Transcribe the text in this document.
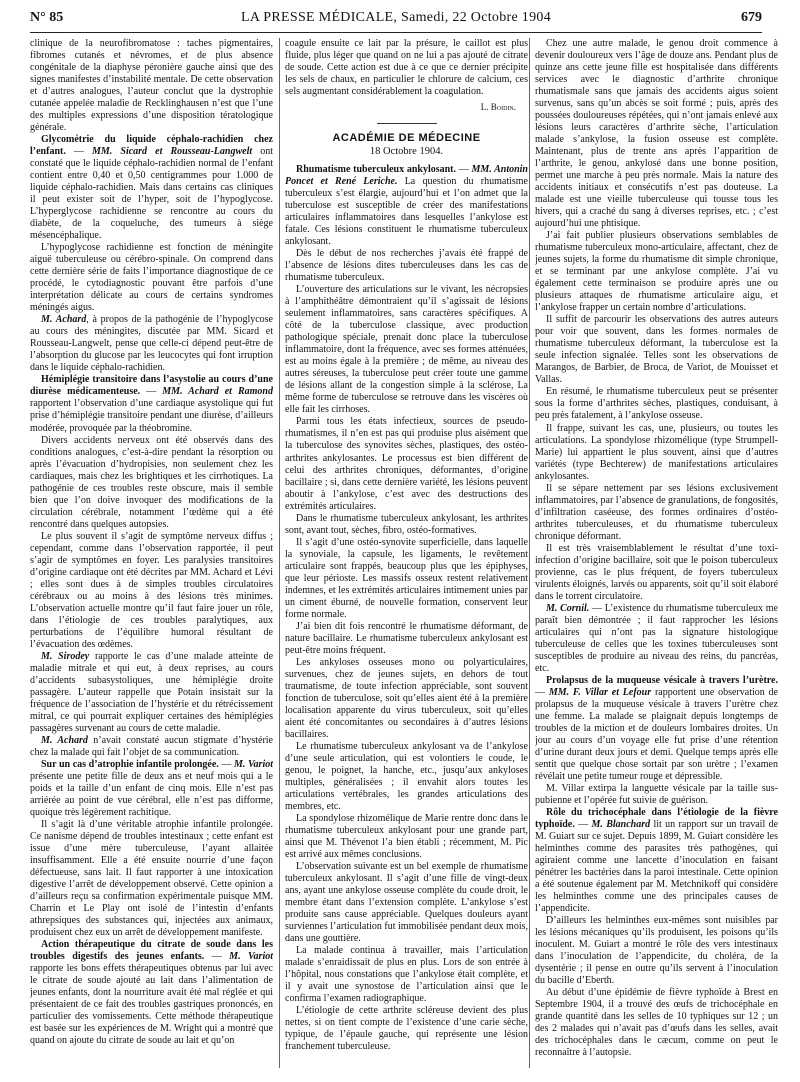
N° 85	LA PRESSE MÉDICALE, Samedi, 22 Octobre 1904	679

clinique de la neurofibromatose : taches pigmentaires, fibromes cutanés et névromes, et de plus absence congénitale de la diaphyse péronière gauche ainsi que des signes manifestes d’instabilité mentale. De cette observation et d’autres analogues, l’auteur conclut que la dystrophie cutanée appelée maladie de Recklinghausen n’est que l’une des multiples expressions d’une disposition tératologique générale.

Glycométrie du liquide céphalo-rachidien chez l’enfant. — MM. Sicard et Rousseau-Langwelt ont constaté que le liquide céphalo-rachidien normal de l’enfant contient entre 0,40 et 0,50 centigrammes pour 1.000 de liquide céphalo-rachidien. Mais dans certains cas cliniques il peut exister soit de l’hyper, soit de l’hypoglycose. L’hyperglycose rachidienne se rencontre au cours du diabète, de la coqueluche, des tumeurs à siège mésencéphalique.

L’hypoglycose rachidienne est fonction de méningite aiguë tuberculeuse ou cérébro-spinale. On comprend dans cette dernière série de faits l’importance diagnostique de ce procédé, le cytodiagnostic pouvant être parfois d’une interprétation délicate au cours de certains syndromes méningés aigus.

M. Achard, à propos de la pathogénie de l’hypoglycose au cours des méningites, discutée par MM. Sicard et Rousseau-Langwelt, pense que celle-ci dépend peut-être de l’absorption du glucose par les leucocytes qui font irruption dans le liquide céphalo-rachidien.

Hémiplégie transitoire dans l’asystolie au cours d’une diurèse médicamenteuse. — MM. Achard et Ramond rapportent l’observation d’une cardiaque asystolique qui fut prise d’hémiplégie transitoire pendant une diurèse, d’ailleurs modérée, provoquée par la théobromine.

Divers accidents nerveux ont été observés dans des conditions analogues, c’est-à-dire pendant la résorption ou après l’évacuation d’hydropisies, non seulement chez les cardiaques, mais chez les brightiques et les cirrhotiques. La pathogénie de ces troubles reste obscure, mais il semble bien que l’on doive invoquer des modifications de la circulation cérébrale, notamment l’œdème qui a été rencontré dans quelques autopsies.

Le plus souvent il s’agit de symptôme nerveux diffus ; cependant, comme dans l’observation rapportée, il peut s’agir de symptômes en foyer. Les paralysies transitoires d’origine cardiaque ont été décrites par MM. Achard et Lévi ; elles sont dues à de simples troubles circulatoires cérébraux ou au moins à des lésions très minimes. L’observation actuelle montre qu’il faut faire jouer un rôle, dans l’étiologie de ces troubles paralytiques, aux perturbations de l’équilibre humoral résultant de l’évacuation des œdèmes.

M. Sirodey rapporte le cas d’une malade atteinte de maladie mitrale et qui eut, à deux reprises, au cours d’accidents subasystoliques, une hémiplégie droite passagère. L’auteur rappelle que Potain insistait sur la fréquence de l’association de l’hystérie et du rétrécissement mitral, ce qui pourrait expliquer certaines des hémiplégies passagères survenant au cours de cette maladie.

M. Achard n’avait constaté aucun stigmate d’hystérie chez la malade qui fait l’objet de sa communication.

Sur un cas d’atrophie infantile prolongée. — M. Variot présente une petite fille de deux ans et neuf mois qui a le poids et la taille d’un enfant de cinq mois. Elle n’est pas arriérée au point de vue cérébral, elle n’est pas difforme, quoique très légèrement rachitique.

Il s’agit là d’une véritable atrophie infantile prolongée. Ce nanisme dépend de troubles intestinaux ; cette enfant est issue d’une mère tuberculeuse, l’ayant allaitée insuffisamment. Elle a été ensuite nourrie d’une façon défectueuse, sans lait. Il faut rapporter à une intoxication digestive l’arrêt de développement observé. Cette opinion a d’ailleurs reçu sa confirmation expérimentale puisque MM. Charrin et Le Play ont isolé de l’intestin d’enfants athrepsiques des substances qui, injectées aux animaux, produisent chez eux un arrêt de développement manifeste.

Action thérapeutique du citrate de soude dans les troubles digestifs des jeunes enfants. — M. Variot rapporte les bons effets thérapeutiques obtenus par lui avec le citrate de soude ajouté au lait dans l’alimentation de jeunes enfants, dont la nourriture avait été mal réglée et qui présentaient de ce fait des troubles gastriques prononcés, en particulier des vomissements. Cette méthode thérapeutique est basée sur les expériences de M. Wright qui a montré que quand on ajoute du citrate de soude au lait et qu’on

coagule ensuite ce lait par la présure, le caillot est plus fluide, plus léger que quand on ne lui a pas ajouté de citrate de soude. Cette action est due à ce que ce dernier précipite les sels de chaux, en particulier le chlorure de calcium, ces sels augmentant considérablement la coagulation.

L. Boidin.
ACADÉMIE DE MÉDECINE
18 Octobre 1904.

Rhumatisme tuberculeux ankylosant. — MM. Antonin Poncet et René Leriche. La question du rhumatisme tuberculeux s’est élargie, aujourd’hui et l’on admet que la tuberculose est susceptible de créer des manifestations articulaires inflammatoires dans lesquelles l’ankylose est fatale. Ces lésions constituent le rhumatisme tuberculeux ankylosant.

Dès le début de nos recherches j’avais été frappé de l’absence de lésions dites tuberculeuses dans les cas de rhumatisme tuberculeux.

L’ouverture des articulations sur le vivant, les nécropsies à l’amphithéâtre démontraient qu’il s’agissait de lésions seulement inflammatoires, sans caractères spécifiques. A côté de la tuberculose classique, avec production pathologique spéciale, prenait donc place la tuberculose inflammatoire, dont la fréquence, avec ses formes atténuées, est au moins égale à la première ; de même, au niveau des autres séreuses, la tuberculose peut créer toute une gamme de lésions allant de la congestion simple à la sclérose, La même forme de tuberculose se retrouve dans les viscères où elle fait les cirrhoses.

Parmi tous les états infectieux, sources de pseudo-rhumatismes, il n’en est pas qui produise plus aisément que la tuberculose des synovites sèches, plastiques, des ostéo-arthrites ankylosantes. Le processus est bien différent de celui des arthrites chroniques, déformantes, d’origine bacillaire ; si, dans cette dernière variété, les lésions peuvent aboutir à l’ankylose, c’est avec des destructions des extrémités articulaires.

Dans le rhumatisme tuberculeux ankylosant, les arthrites sont, avant tout, sèches, fibro, ostéo-formatives.

Il s’agit d’une ostéo-synovite superficielle, dans laquelle la synoviale, la capsule, les ligaments, le revêtement articulaire sont frappés, beaucoup plus que les épiphyses, que leur périoste. Les massifs osseux restent relativement indemnes, et les extrémités articulaires intimement unies par un ciment éburné, de nouvelle formation, conservent leur forme normale.

J’ai bien dit fois rencontré le rhumatisme déformant, de nature bacillaire. Le rhumatisme tuberculeux ankylosant est peut-être moins fréquent.

Les ankyloses osseuses mono ou polyarticulaires, survenues, chez de jeunes sujets, en dehors de tout traumatisme, de toute infection appréciable, sont souvent fonction de tuberculose, soit qu’elles aient été à la première localisation apparente du virus tuberculeux, soit qu’elles aient été concomitantes ou secondaires à d’autres lésions bacillaires.

Le rhumatisme tuberculeux ankylosant va de l’ankylose d’une seule articulation, qui est volontiers le coude, le genou, le poignet, la hanche, etc., jusqu’aux ankyloses multiples, généralisées ; il envahit alors toutes les articulations vertébrales, les grandes articulations des membres, etc.

La spondylose rhizomélique de Marie rentre donc dans le rhumatisme tuberculeux ankylosant pour une grande part, ainsi que M. Thévenot l’a bien établi ; récemment, M. Pic est arrivé aux mêmes conclusions.

L’observation suivante est un bel exemple de rhumatisme tuberculeux ankylosant. Il s’agit d’une fille de vingt-deux ans, ayant une ankylose osseuse complète du coude droit, le membre étant dans l’extension complète. L’ankylose s’est produite sans cause appréciable. Quelques douleurs ayant surviennes l’articulation fut immobilisée pendant deux mois, dans une gouttière.

La malade continua à travailler, mais l’articulation malade s’enraidissait de plus en plus. Lors de son entrée à l’hôpital, nous constations que l’ankylose était complète, et il y avait une synostose de l’articulation ainsi que le confirma l’examen radiographique.

L’étiologie de cette arthrite scléreuse devient des plus nettes, si on tient compte de l’existence d’une carie sèche, typique, de l’épaule gauche, qui représente une lésion franchement tuberculeuse.

Chez une autre malade, le genou droit commence à devenir douloureux vers l’âge de douze ans. Pendant plus de quinze ans cette jeune fille est hospitalisée dans différents services avec le diagnostic d’arthrite chronique rhumatismale sans que jamais des accidents aigus soient survenus, sans qu’un abcès se soit formé ; puis, après des poussées douloureuses répétées, qui n’ont jamais enlevé aux lésions leurs caractères d’arthrite sèche, l’articulation malade s’ankylose, la fusion osseuse est complète. Maintenant, plus de trente ans après l’apparition de l’arthrite, le genou, ankylosé dans une bonne position, permet une marche à peu près normale. Mais la nature des accidents initiaux et consécutifs n’est pas douteuse. La malade est une vieille tuberculeuse qui tousse tous les hivers, qui a craché du sang à diverses reprises, etc. ; c’est aujourd’hui une phtisique.

J’ai fait publier plusieurs observations semblables de rhumatisme tuberculeux mono-articulaire, affectant, chez de jeunes sujets, la forme du rhumatisme dit simple chronique, et se terminant par une ankylose complète. J’ai vu également cette terminaison se produire après une ou plusieurs attaques de rhumatisme articulaire aigu, et l’ankylose frapper un certain nombre d’articulations.

Il suffit de parcourir les observations des autres auteurs pour voir que souvent, dans les formes normales de rhumatisme tuberculeux déformant, la tuberculose est la seule infection signalée. Telles sont les observations de Marangos, de Barbier, de Broca, de Variot, de Mouisset et Vallas.

En résumé, le rhumatisme tuberculeux peut se présenter sous la forme d’arthrites sèches, plastiques, conduisant, à peu près fatalement, à l’ankylose osseuse.

Il frappe, suivant les cas, une, plusieurs, ou toutes les articulations. La spondylose rhizomélique (type Strumpell-Marie) lui appartient le plus souvent, ainsi que d’autres variétés (type Bechterew) de manifestations articulaires ankylosantes.

Il se sépare nettement par ses lésions exclusivement inflammatoires, par l’absence de granulations, de fongosités, d’infiltration caséeuse, des formes ordinaires d’ostéo-arthrites tuberculeuses, et du rhumatisme tuberculeux chronique déformant.

Il est très vraisemblablement le résultat d’une toxi-infection d’origine bacillaire, soit que le poison tuberculeux provienne, cas le plus fréquent, de foyers tuberculeux virulents éloignés, larvés ou apparents, soit qu’il soit élaboré dans le torrent circulatoire.

M. Cornil. — L’existence du rhumatisme tuberculeux me paraît bien démontrée ; il faut rapprocher les lésions articulaires qui n’ont pas la signature histologique tuberculeuse de celles que les toxines tuberculeuses sont susceptibles de produire au niveau des reins, du pancréas, etc.

Prolapsus de la muqueuse vésicale à travers l’urètre. — MM. F. Villar et Lefour rapportent une observation de prolapsus de la muqueuse vésicale à travers l’urètre chez une femme. La malade se plaignait depuis longtemps de troubles de la miction et de douleurs lombaires droites. Un jour au cours d’un voyage elle fut prise d’une rétention d’urine durant deux jours et demi. Quelque temps après elle sentit que quelque chose sortait par son urètre ; l’examen révélait une petite tumeur rouge et dépressible.

M. Villar extirpa la languette vésicale par la taille sus-pubienne et l’opérée fut suivie de guérison.

Rôle du trichocéphale dans l’étiologie de la fièvre typhoïde. — M. Blanchard lit un rapport sur un travail de M. Guiart sur ce sujet. Depuis 1899, M. Guiart considère les helminthes comme des parasites très pathogènes, qui agiraient comme une lancette d’inoculation en faisant pénétrer les bactéries dans la paroi intestinale. Cette opinion a été soutenue également par M. Metchnikoff qui considère les helminthes comme une des principales causes de l’appendicite.

D’ailleurs les helminthes eux-mêmes sont nuisibles par les lésions mécaniques qu’ils produisent, les poisons qu’ils inoculent. M. Guiart a montré le rôle des vers intestinaux dans l’inoculation de l’appendicite, du choléra, de la dysentérie ; il pense en outre qu’ils servent à l’inoculation du bacille d’Eberth.

Au début d’une épidémie de fièvre typhoïde à Brest en Septembre 1904, il a trouvé des œufs de trichocéphale en grande quantité dans les selles de 10 typhiques sur 12 ; un des 2 malades qui n’avait pas d’œufs dans les selles, avait des trichocéphales dans le cæcum, comme on peut le reconnaître à l’autopsie.
